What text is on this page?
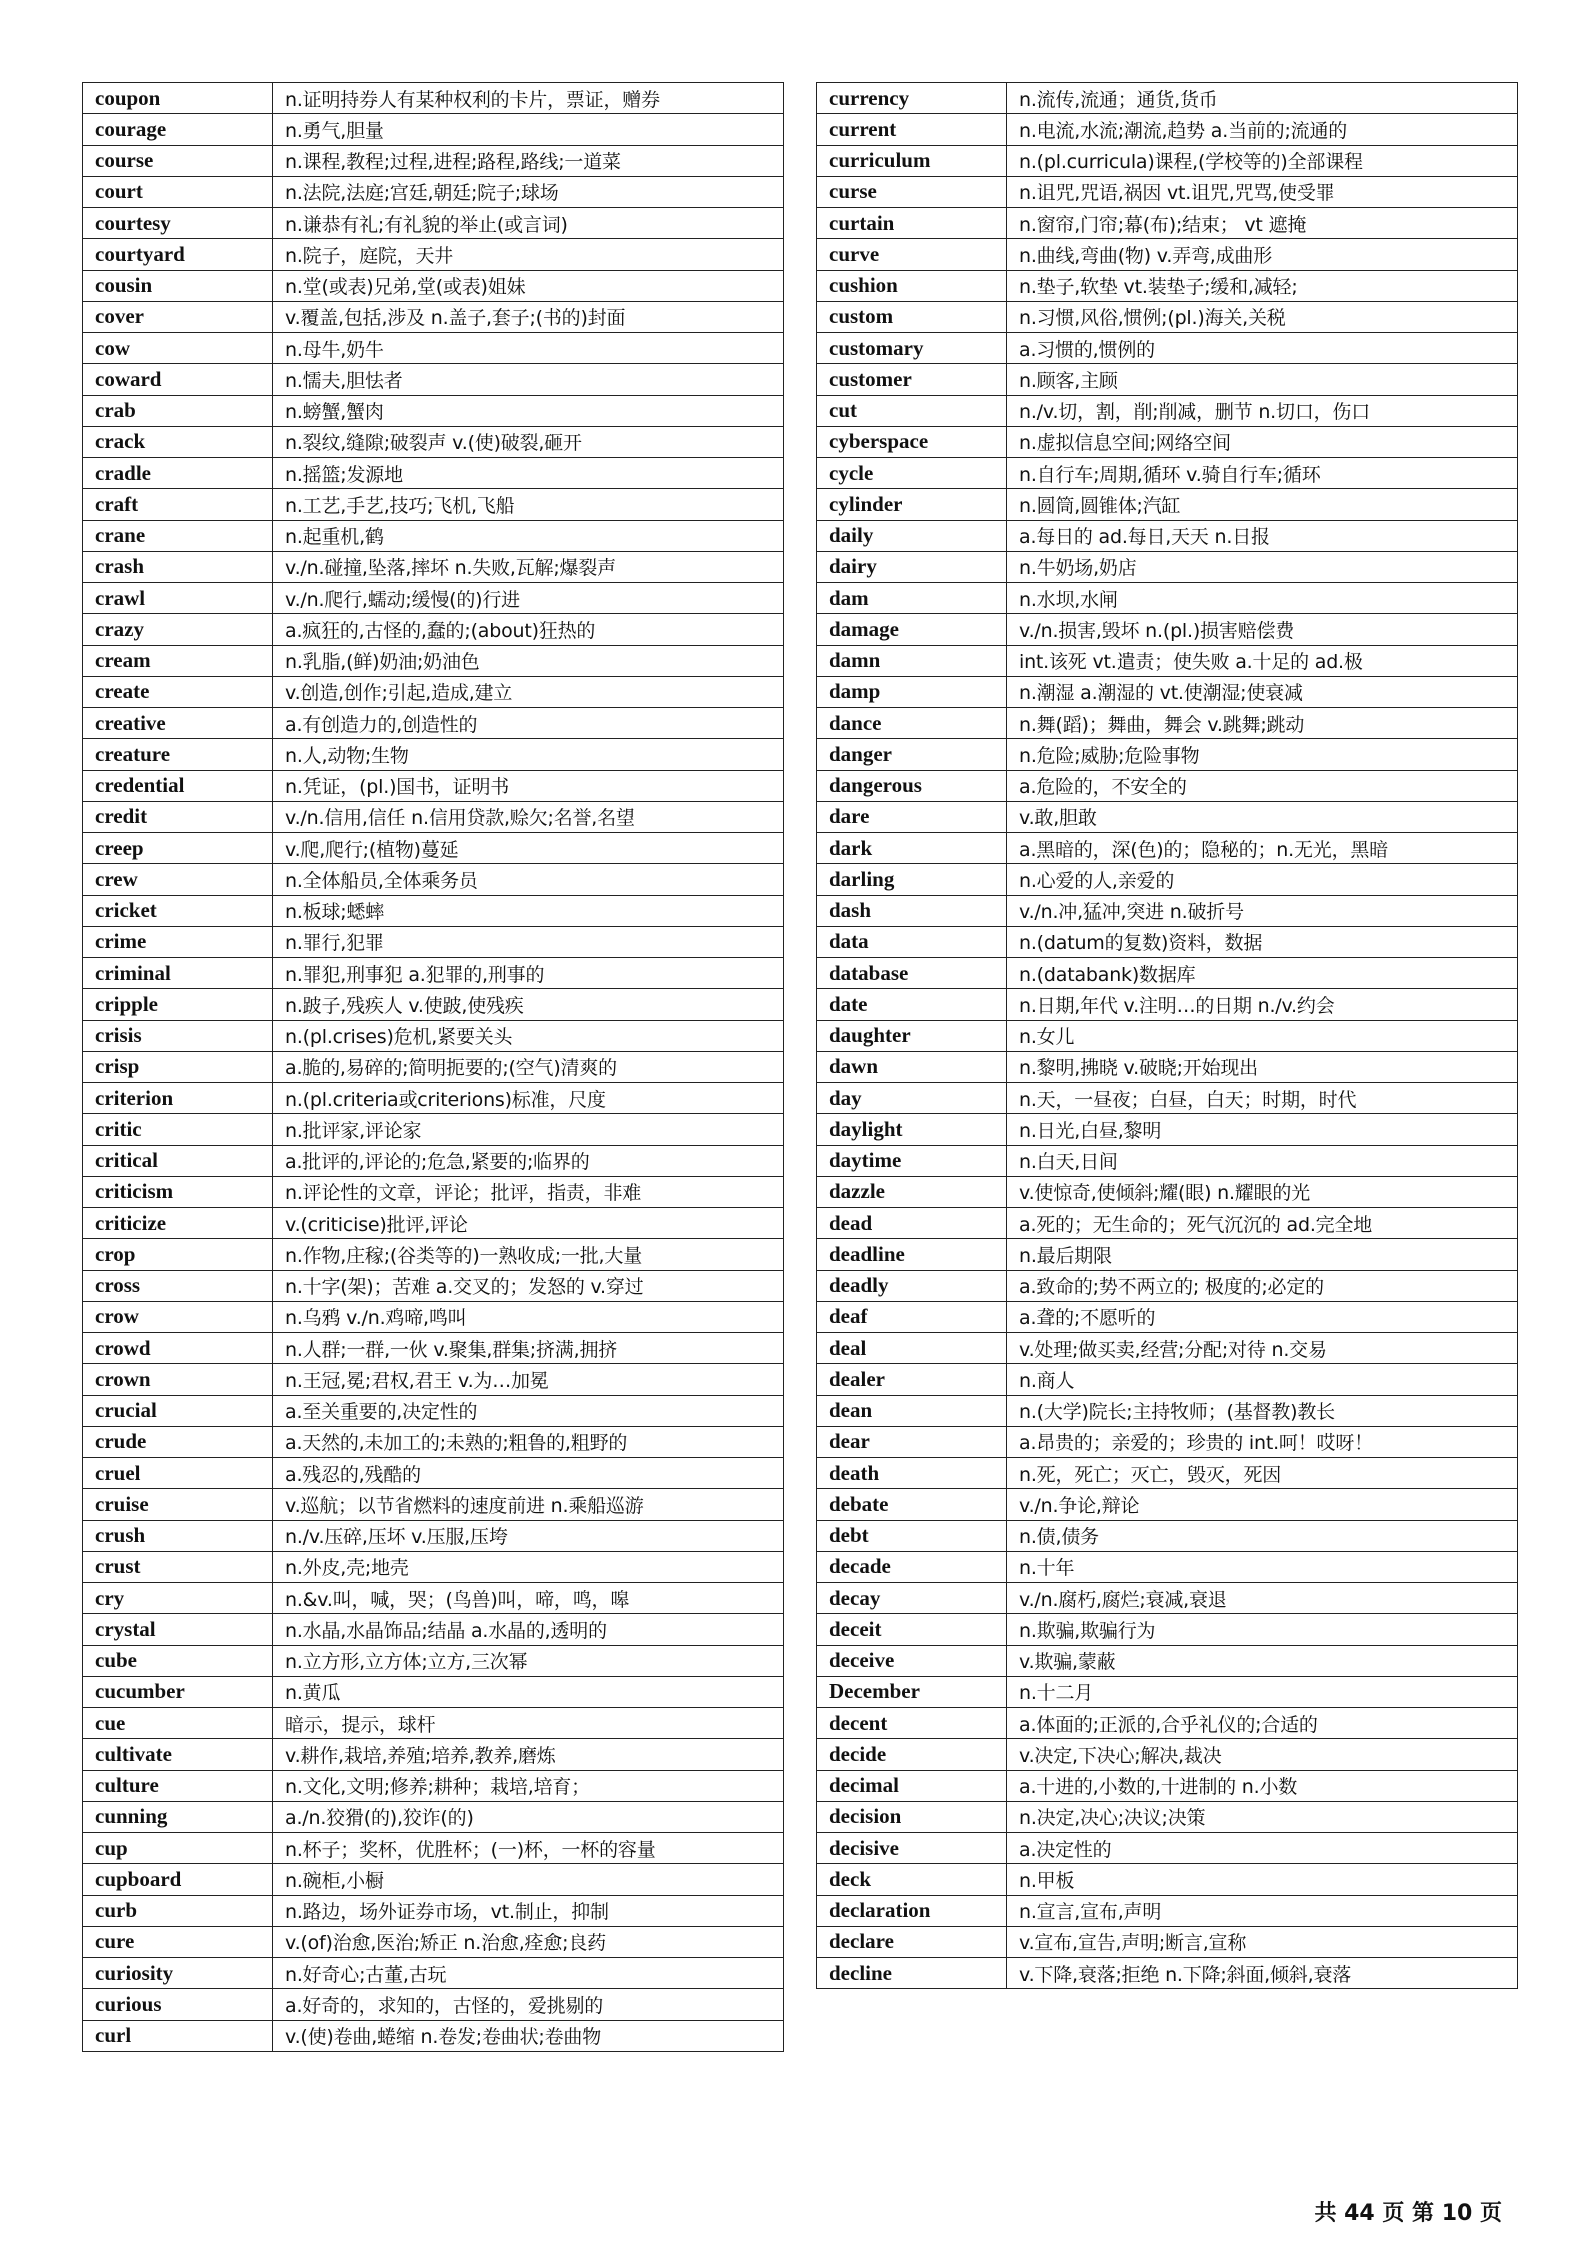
coupon	n.证明持券人有某种权利的卡片，票证，赠券
courage	n.勇气,胆量
course	n.课程,教程;过程,进程;路程,路线;一道菜
court	n.法院,法庭;宫廷,朝廷;院子;球场
courtesy	n.谦恭有礼;有礼貌的举止(或言词)
courtyard	n.院子，庭院，天井
cousin	n.堂(或表)兄弟,堂(或表)姐妹
cover	v.覆盖,包括,涉及 n.盖子,套子;(书的)封面
cow	n.母牛,奶牛
coward	n.懦夫,胆怯者
crab	n.螃蟹,蟹肉
crack	n.裂纹,缝隙;破裂声 v.(使)破裂,砸开
cradle	n.摇篮;发源地
craft	n.工艺,手艺,技巧;飞机,飞船
crane	n.起重机,鹤
crash	v./n.碰撞,坠落,摔坏 n.失败,瓦解;爆裂声
crawl	v./n.爬行,蠕动;缓慢(的)行进
crazy	a.疯狂的,古怪的,蠢的;(about)狂热的
cream	n.乳脂,(鲜)奶油;奶油色
create	v.创造,创作;引起,造成,建立
creative	a.有创造力的,创造性的
creature	n.人,动物;生物
credential	n.凭证，(pl.)国书，证明书
credit	v./n.信用,信任 n.信用贷款,赊欠;名誉,名望
creep	v.爬,爬行;(植物)蔓延
crew	n.全体船员,全体乘务员
cricket	n.板球;蟋蟀
crime	n.罪行,犯罪
criminal	n.罪犯,刑事犯 a.犯罪的,刑事的
cripple	n.跛子,残疾人 v.使跛,使残疾
crisis	n.(pl.crises)危机,紧要关头
crisp	a.脆的,易碎的;简明扼要的;(空气)清爽的
criterion	n.(pl.criteria或criterions)标准，尺度
critic	n.批评家,评论家
critical	a.批评的,评论的;危急,紧要的;临界的
criticism	n.评论性的文章，评论；批评，指责，非难
criticize	v.(criticise)批评,评论
crop	n.作物,庄稼;(谷类等的)一熟收成;一批,大量
cross	n.十字(架)；苦难 a.交叉的；发怒的 v.穿过
crow	n.乌鸦 v./n.鸡啼,鸣叫
crowd	n.人群;一群,一伙 v.聚集,群集;挤满,拥挤
crown	n.王冠,冕;君权,君王 v.为…加冕
crucial	a.至关重要的,决定性的
crude	a.天然的,未加工的;未熟的;粗鲁的,粗野的
cruel	a.残忍的,残酷的
cruise	v.巡航；以节省燃料的速度前进 n.乘船巡游
crush	n./v.压碎,压坏 v.压服,压垮
crust	n.外皮,壳;地壳
cry	n.&v.叫，喊，哭；(鸟兽)叫，啼，鸣，嗥
crystal	n.水晶,水晶饰品;结晶 a.水晶的,透明的
cube	n.立方形,立方体;立方,三次幂
cucumber	n.黄瓜
cue	暗示，提示，球杆
cultivate	v.耕作,栽培,养殖;培养,教养,磨炼
culture	n.文化,文明;修养;耕种；栽培,培育；
cunning	a./n.狡猾(的),狡诈(的)
cup	n.杯子；奖杯，优胜杯；(一)杯，一杯的容量
cupboard	n.碗柜,小橱
curb	n.路边，场外证券市场，vt.制止，抑制
cure	v.(of)治愈,医治;矫正 n.治愈,痊愈;良药
curiosity	n.好奇心;古董,古玩
curious	a.好奇的，求知的，古怪的，爱挑剔的
curl	v.(使)卷曲,蜷缩 n.卷发;卷曲状;卷曲物
currency	n.流传,流通；通货,货币
current	n.电流,水流;潮流,趋势 a.当前的;流通的
curriculum	n.(pl.curricula)课程,(学校等的)全部课程
curse	n.诅咒,咒语,祸因 vt.诅咒,咒骂,使受罪
curtain	n.窗帘,门帘;幕(布);结束； vt 遮掩
curve	n.曲线,弯曲(物) v.弄弯,成曲形
cushion	n.垫子,软垫 vt.装垫子;缓和,减轻;
custom	n.习惯,风俗,惯例;(pl.)海关,关税
customary	a.习惯的,惯例的
customer	n.顾客,主顾
cut	n./v.切，割，削;削减，删节 n.切口，伤口
cyberspace	n.虚拟信息空间;网络空间
cycle	n.自行车;周期,循环 v.骑自行车;循环
cylinder	n.圆筒,圆锥体;汽缸
daily	a.每日的 ad.每日,天天 n.日报
dairy	n.牛奶场,奶店
dam	n.水坝,水闸
damage	v./n.损害,毁坏 n.(pl.)损害赔偿费
damn	int.该死 vt.遣责；使失败 a.十足的 ad.极
damp	n.潮湿 a.潮湿的 vt.使潮湿;使衰减
dance	n.舞(蹈)；舞曲，舞会 v.跳舞;跳动
danger	n.危险;威胁;危险事物
dangerous	a.危险的，不安全的
dare	v.敢,胆敢
dark	a.黑暗的，深(色)的；隐秘的；n.无光，黑暗
darling	n.心爱的人,亲爱的
dash	v./n.冲,猛冲,突进 n.破折号
data	n.(datum的复数)资料，数据
database	n.(databank)数据库
date	n.日期,年代 v.注明…的日期 n./v.约会
daughter	n.女儿
dawn	n.黎明,拂晓 v.破晓;开始现出
day	n.天，一昼夜；白昼，白天；时期，时代
daylight	n.日光,白昼,黎明
daytime	n.白天,日间
dazzle	v.使惊奇,使倾斜;耀(眼) n.耀眼的光
dead	a.死的；无生命的；死气沉沉的 ad.完全地
deadline	n.最后期限
deadly	a.致命的;势不两立的; 极度的;必定的
deaf	a.聋的;不愿听的
deal	v.处理;做买卖,经营;分配;对待 n.交易
dealer	n.商人
dean	n.(大学)院长;主持牧师；(基督教)教长
dear	a.昂贵的；亲爱的；珍贵的 int.呵！哎呀！
death	n.死，死亡；灭亡，毁灭，死因
debate	v./n.争论,辩论
debt	n.债,债务
decade	n.十年
decay	v./n.腐朽,腐烂;衰减,衰退
deceit	n.欺骗,欺骗行为
deceive	v.欺骗,蒙蔽
December	n.十二月
decent	a.体面的;正派的,合乎礼仪的;合适的
decide	v.决定,下决心;解决,裁决
decimal	a.十进的,小数的,十进制的 n.小数
decision	n.决定,决心;决议;决策
decisive	a.决定性的
deck	n.甲板
declaration	n.宣言,宣布,声明
declare	v.宣布,宣告,声明;断言,宣称
decline	v.下降,衰落;拒绝 n.下降;斜面,倾斜,衰落
共 44 页 第 10 页
